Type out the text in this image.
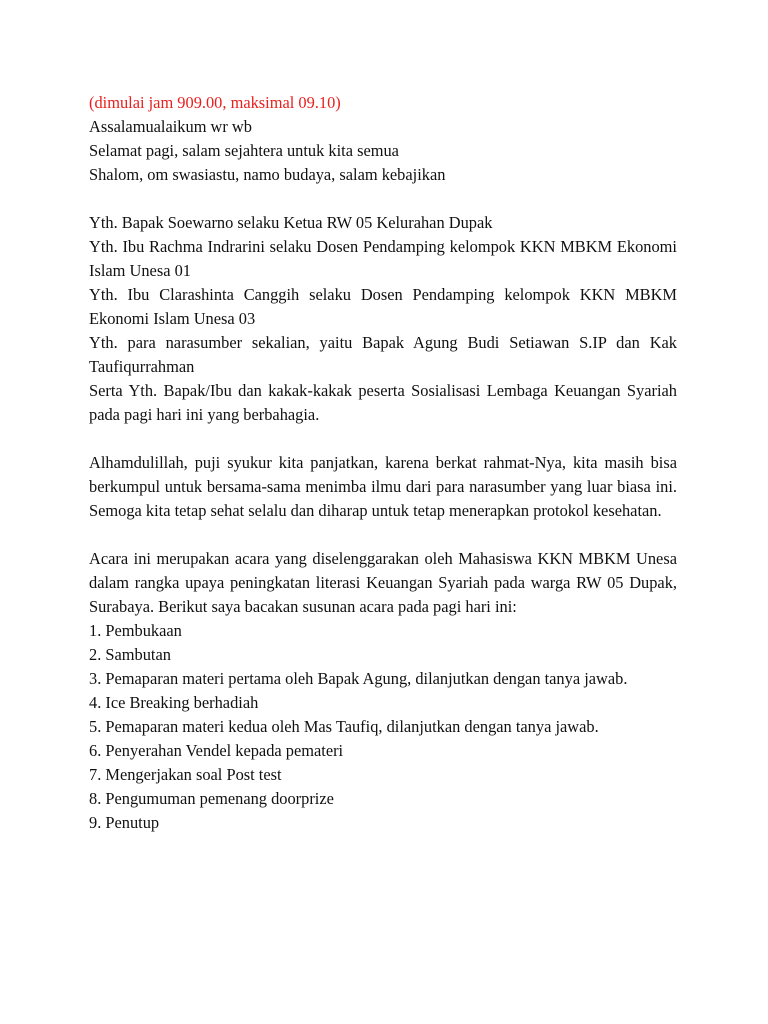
(dimulai jam 909.00, maksimal 09.10)
Assalamualaikum wr wb
Selamat pagi, salam sejahtera untuk kita semua
Shalom, om swasiastu, namo budaya, salam kebajikan
Yth. Bapak Soewarno selaku Ketua RW 05 Kelurahan Dupak
Yth. Ibu Rachma Indrarini selaku Dosen Pendamping kelompok KKN MBKM Ekonomi Islam Unesa 01
Yth. Ibu Clarashinta Canggih selaku Dosen Pendamping kelompok KKN MBKM Ekonomi Islam Unesa 03
Yth. para narasumber sekalian, yaitu Bapak Agung Budi Setiawan S.IP dan Kak Taufiqurrahman
Serta Yth. Bapak/Ibu dan kakak-kakak peserta Sosialisasi Lembaga Keuangan Syariah pada pagi hari ini yang berbahagia.
Alhamdulillah, puji syukur kita panjatkan, karena berkat rahmat-Nya, kita masih bisa berkumpul untuk bersama-sama menimba ilmu dari para narasumber yang luar biasa ini. Semoga kita tetap sehat selalu dan diharap untuk tetap menerapkan protokol kesehatan.
Acara ini merupakan acara yang diselenggarakan oleh Mahasiswa KKN MBKM Unesa dalam rangka upaya peningkatan literasi Keuangan Syariah pada warga RW 05 Dupak, Surabaya. Berikut saya bacakan susunan acara pada pagi hari ini:
1. Pembukaan
2. Sambutan
3. Pemaparan materi pertama oleh Bapak Agung, dilanjutkan dengan tanya jawab.
4. Ice Breaking berhadiah
5. Pemaparan materi kedua oleh Mas Taufiq, dilanjutkan dengan tanya jawab.
6. Penyerahan Vendel kepada pemateri
7. Mengerjakan soal Post test
8. Pengumuman pemenang doorprize
9. Penutup
